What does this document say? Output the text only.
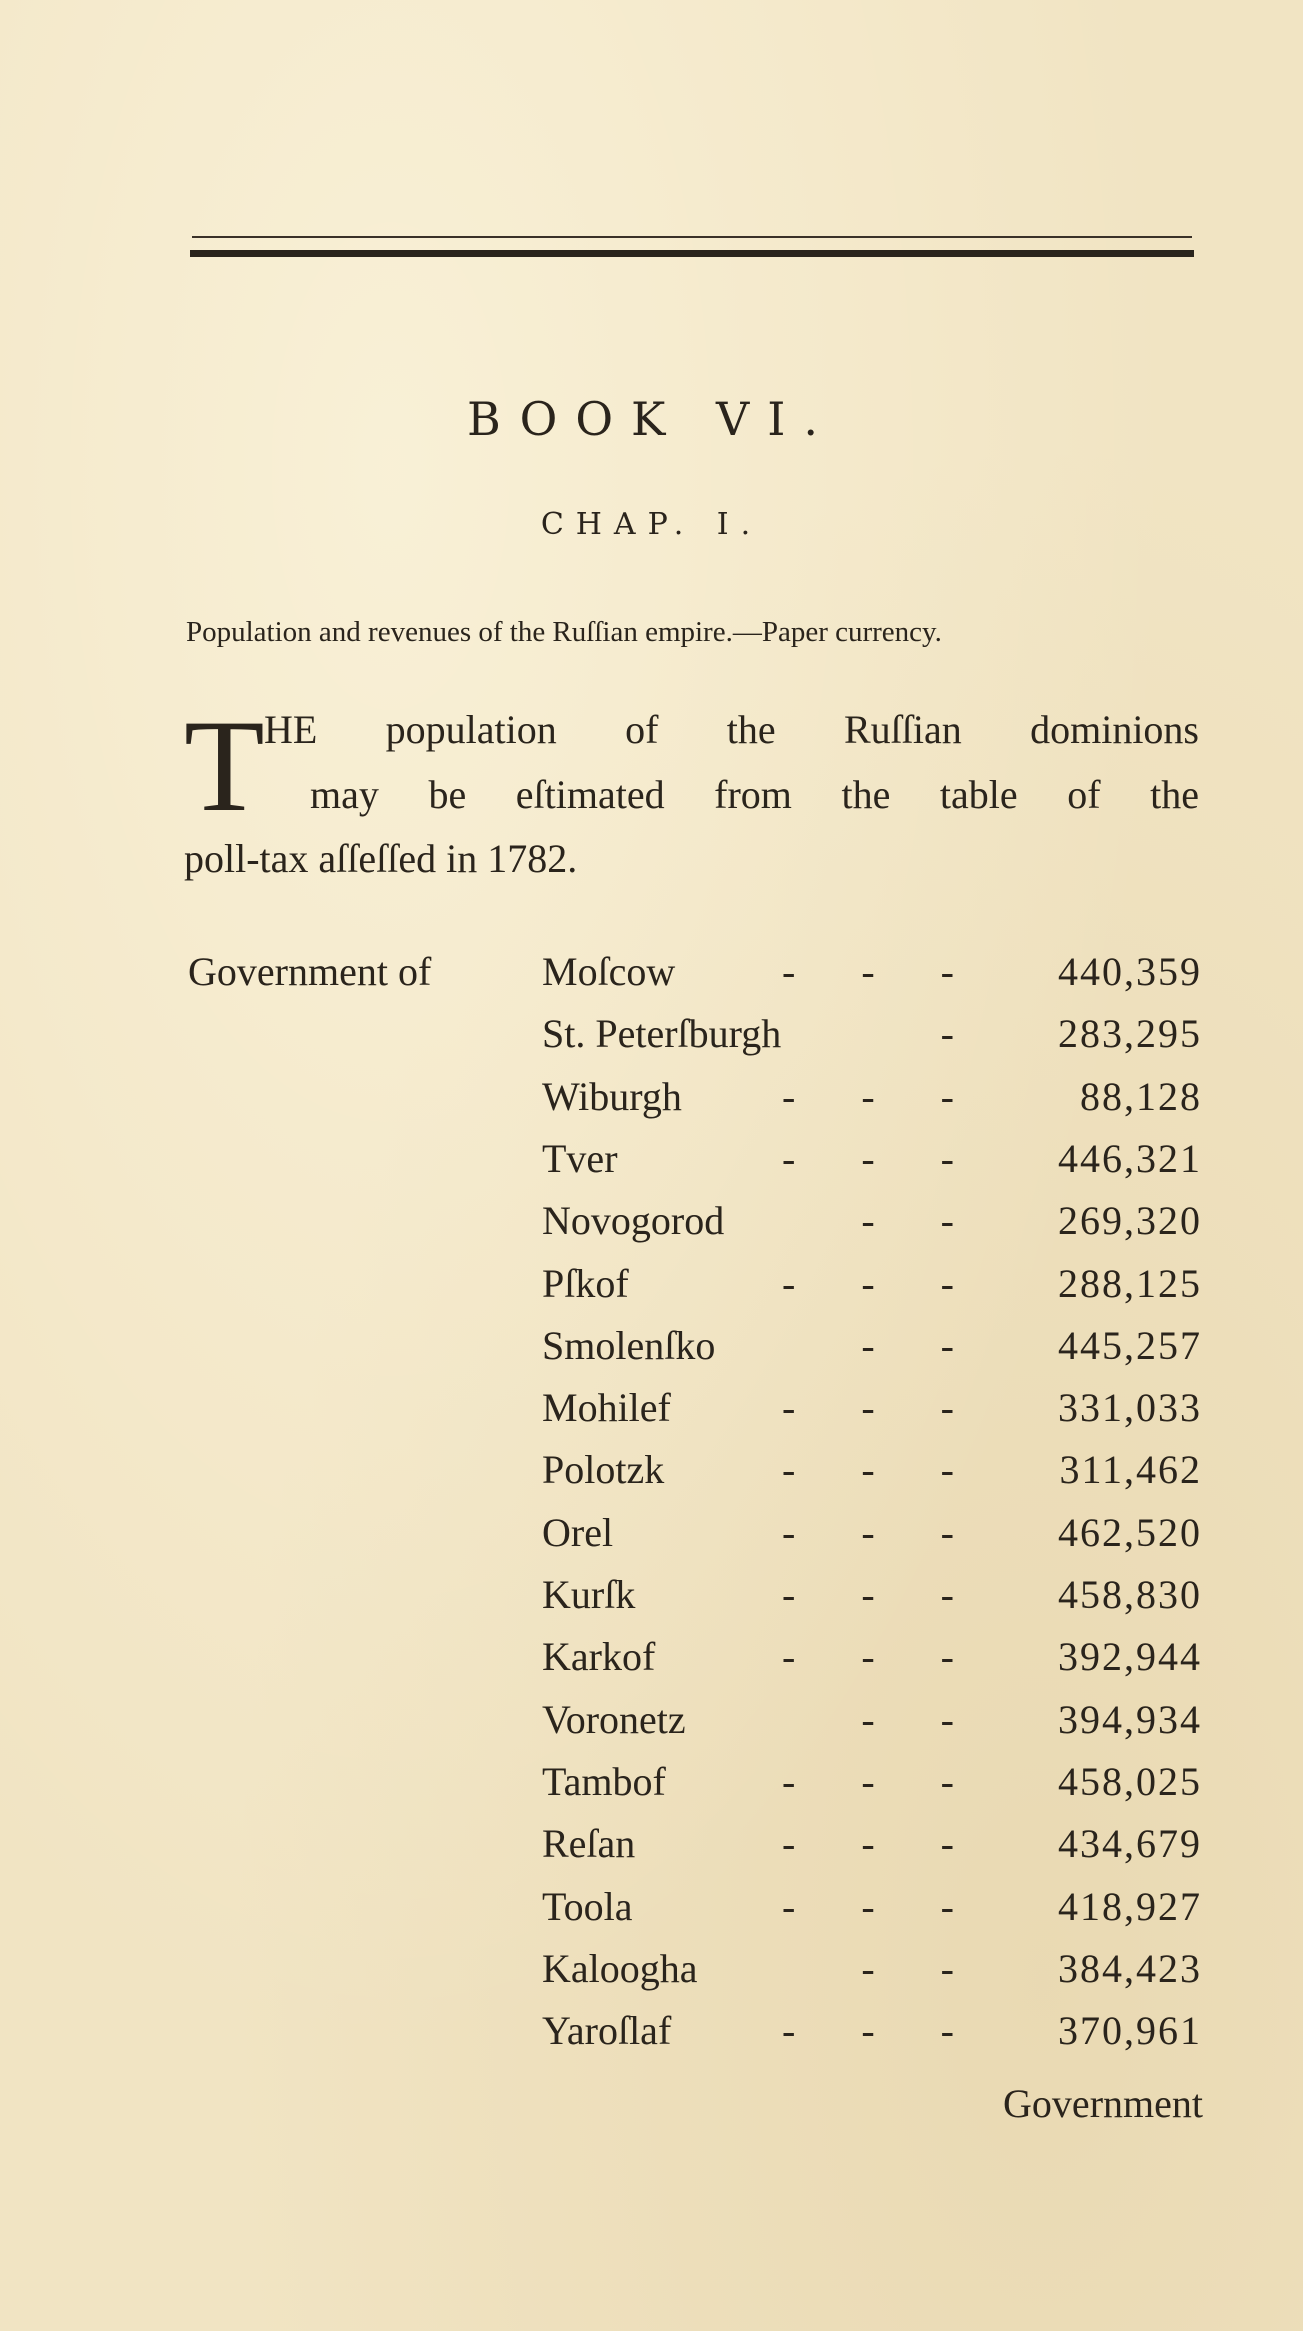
BOOK VI.
CHAP. I.
Population and revenues of the Ruſſian empire.—Paper currency.
T HE population of the Ruſſian dominions
may be eſtimated from the table of the
poll-tax aſſeſſed in 1782.
Government of	Moſcow	- - - 440,359
St. Peterſburgh	- 283,295
Wiburgh	- - - 88,128
Tver	- - - 446,321
Novogorod	- - 269,320
Pſkof	- - - 288,125
Smolenſko	- - 445,257
Mohilef	- - - 331,033
Polotzk	- - - 311,462
Orel	- - - 462,520
Kurſk	- - - 458,830
Karkof	- - - 392,944
Voronetz	- - 394,934
Tambof	- - - 458,025
Reſan	- - - 434,679
Toola	- - - 418,927
Kaloogha	- - 384,423
Yaroſlaf	- - - 370,961
Government
